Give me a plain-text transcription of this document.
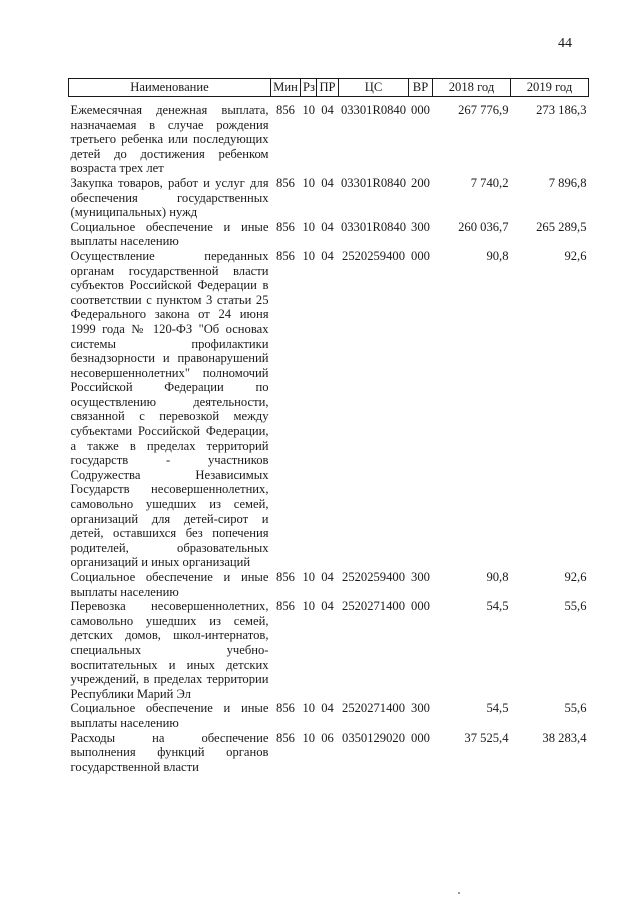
44
Наименование	Мин	Рз	ПР	ЦС	ВР	2018 год	2019 год

Ежемесячная денежная выплата, назначаемая в случае рождения третьего ребенка или последующих детей до достижения ребенком возраста трех лет	856	10	04	03301R0840	000	267 776,9	273 186,3
Закупка товаров, работ и услуг для обеспечения государственных (муниципальных) нужд	856	10	04	03301R0840	200	7 740,2	7 896,8
Социальное обеспечение и иные выплаты населению	856	10	04	03301R0840	300	260 036,7	265 289,5
Осуществление переданных органам государственной власти субъектов Российской Федерации в соответствии с пунктом 3 статьи 25 Федерального закона от 24 июня 1999 года № 120-ФЗ "Об основах системы профилактики безнадзорности и правонарушений несовершеннолетних" полномочий Российской Федерации по осуществлению деятельности, связанной с перевозкой между субъектами Российской Федерации, а также в пределах территорий государств - участников Содружества Независимых Государств несовершеннолетних, самовольно ушедших из семей, организаций для детей-сирот и детей, оставшихся без попечения родителей, образовательных организаций и иных организаций	856	10	04	2520259400	000	90,8	92,6
Социальное обеспечение и иные выплаты населению	856	10	04	2520259400	300	90,8	92,6
Перевозка несовершеннолетних, самовольно ушедших из семей, детских домов, школ-интернатов, специальных учебно-воспитательных и иных детских учреждений, в пределах территории Республики Марий Эл	856	10	04	2520271400	000	54,5	55,6
Социальное обеспечение и иные выплаты населению	856	10	04	2520271400	300	54,5	55,6
Расходы на обеспечение выполнения функций органов государственной власти	856	10	06	0350129020	000	37 525,4	38 283,4
